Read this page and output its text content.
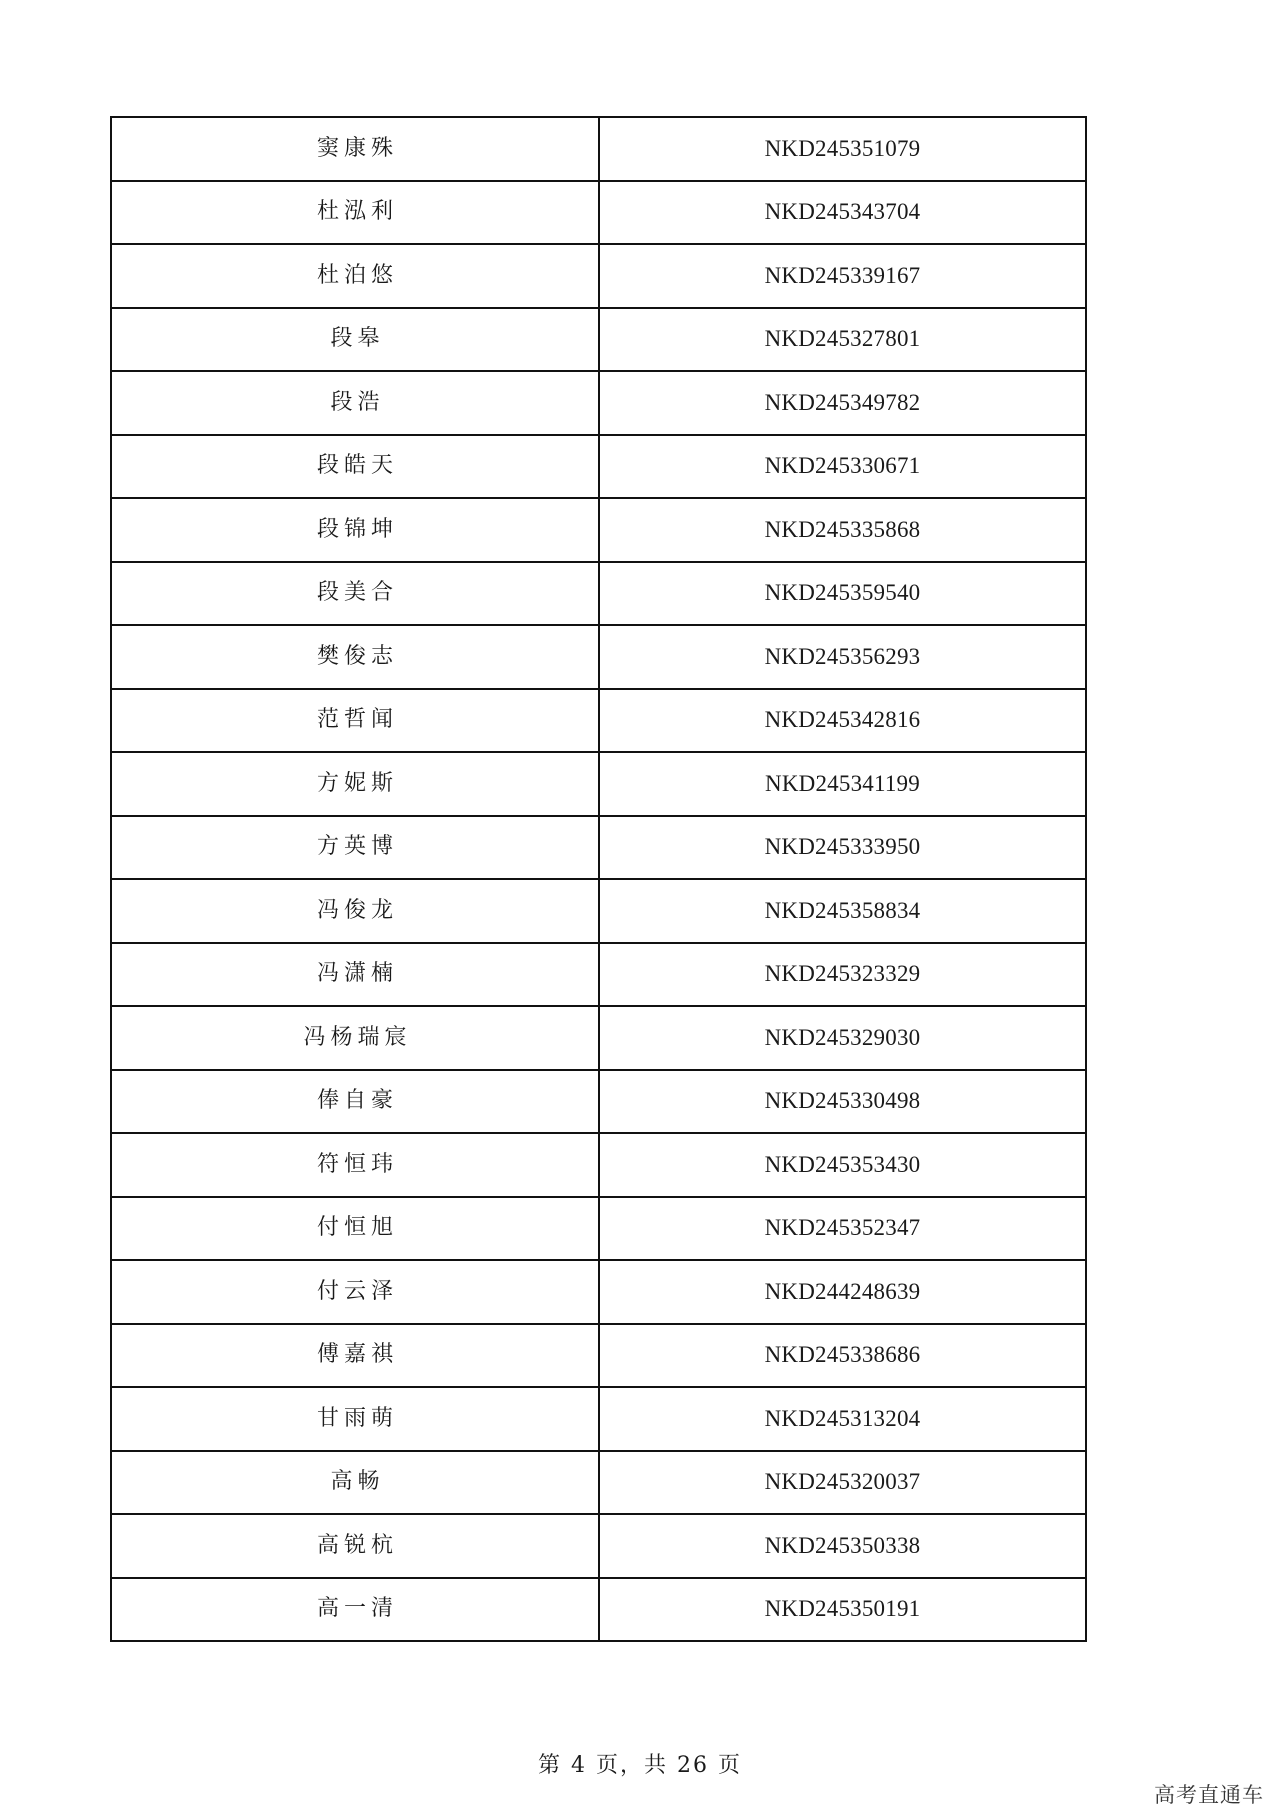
窦康殊	NKD245351079
杜泓利	NKD245343704
杜泊悠	NKD245339167
段皋	NKD245327801
段浩	NKD245349782
段皓天	NKD245330671
段锦坤	NKD245335868
段美合	NKD245359540
樊俊志	NKD245356293
范哲闻	NKD245342816
方妮斯	NKD245341199
方英博	NKD245333950
冯俊龙	NKD245358834
冯潇楠	NKD245323329
冯杨瑞宸	NKD245329030
俸自豪	NKD245330498
符恒玮	NKD245353430
付恒旭	NKD245352347
付云泽	NKD244248639
傅嘉祺	NKD245338686
甘雨萌	NKD245313204
高畅	NKD245320037
高锐杭	NKD245350338
高一清	NKD245350191
第 4 页，共 26 页
高考直通车
